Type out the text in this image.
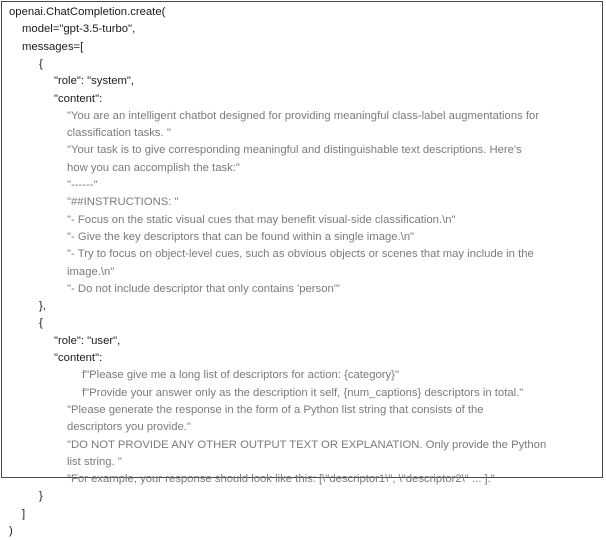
openai.ChatCompletion.create(
model="gpt-3.5-turbo",
messages=[
{
"role": "system",
"content":
"You are an intelligent chatbot designed for providing meaningful class-label augmentations for
classification tasks. "
"Your task is to give corresponding meaningful and distinguishable text descriptions. Here's
how you can accomplish the task:"
"------"
"##INSTRUCTIONS: "
"- Focus on the static visual cues that may benefit visual-side classification.\n"
"- Give the key descriptors that can be found within a single image.\n"
"- Try to focus on object-level cues, such as obvious objects or scenes that may include in the
image.\n"
"- Do not include descriptor that only contains 'person'"
},
{
"role": "user",
"content":
f"Please give me a long list of descriptors for action: {category}"
f"Provide your answer only as the description it self, {num_captions} descriptors in total."
"Please generate the response in the form of a Python list string that consists of the
descriptors you provide."
"DO NOT PROVIDE ANY OTHER OUTPUT TEXT OR EXPLANATION. Only provide the Python
list string. "
"For example, your response should look like this: [\"descriptor1\", \"descriptor2\" ... ]."
}
]
)
